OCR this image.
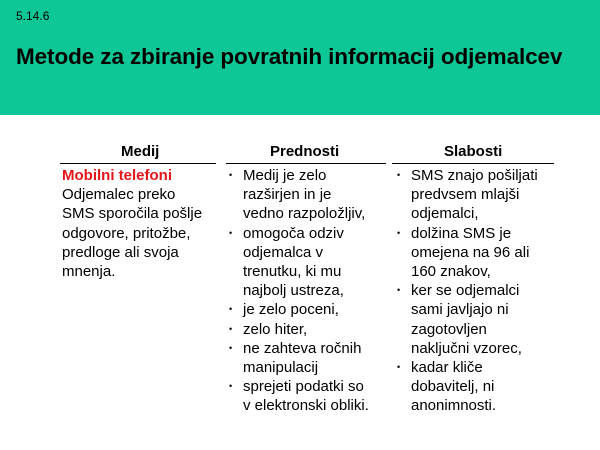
5.14.6
Metode za zbiranje povratnih informacij odjemalcev
Medij	Prednosti	Slabosti
Mobilni telefoni
Odjemalec preko
SMS sporočila pošlje
odgovore, pritožbe,
predloge ali svoja
mnenja.
• Medij je zelo
razširjen in je
vedno razpoložljiv,
• omogoča odziv
odjemalca v
trenutku, ki mu
najbolj ustreza,
• je zelo poceni,
• zelo hiter,
• ne zahteva ročnih
manipulacij
• sprejeti podatki so
v elektronski obliki.
• SMS znajo pošiljati
predvsem mlajši
odjemalci,
• dolžina SMS je
omejena na 96 ali
160 znakov,
• ker se odjemalci
sami javljajo ni
zagotovljen
naključni vzorec,
• kadar kliče
dobavitelj, ni
anonimnosti.
